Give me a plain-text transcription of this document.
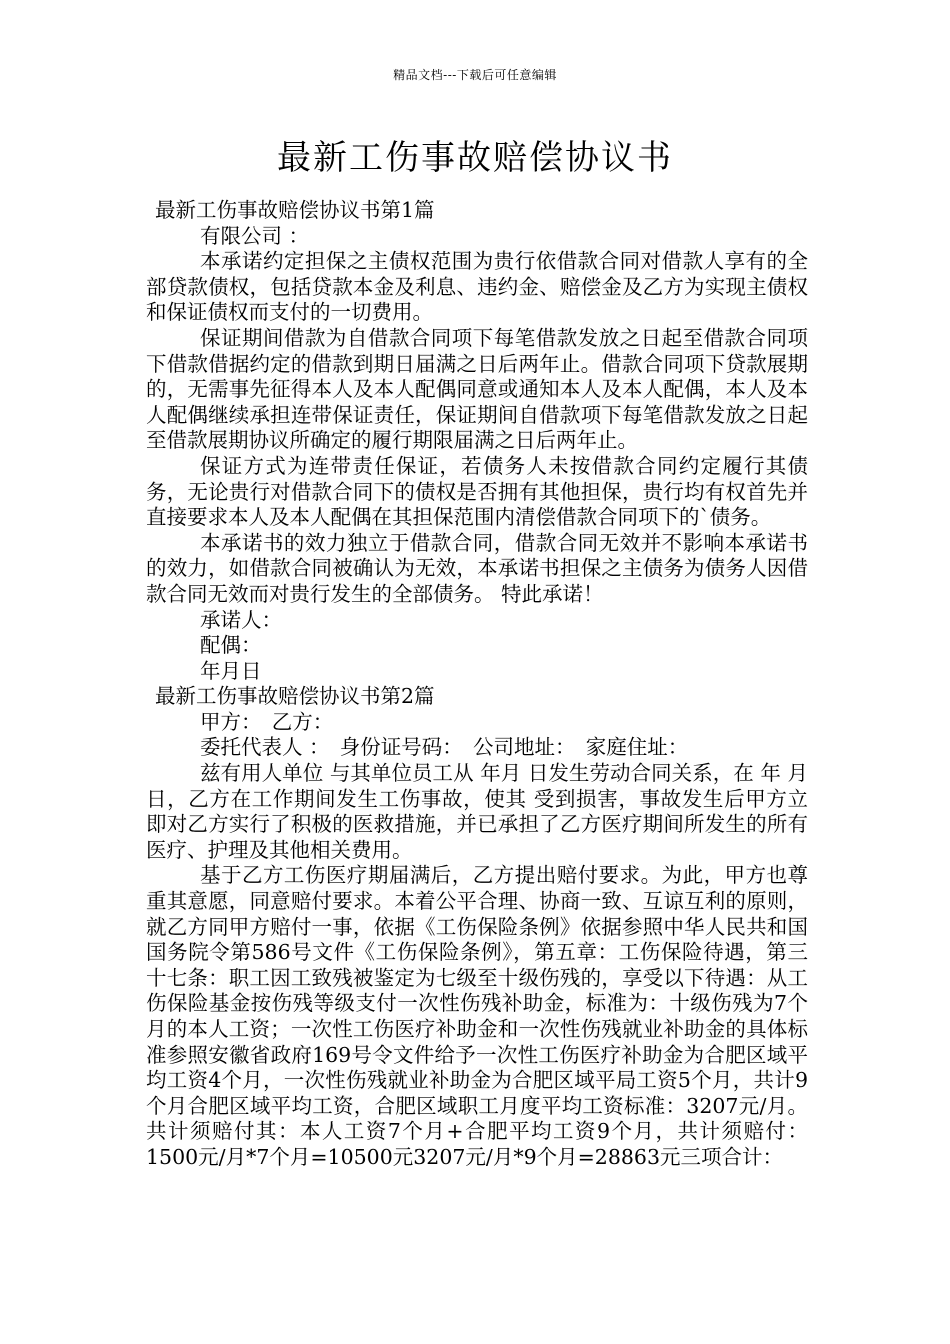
精品文档---下载后可任意编辑
最新工伤事故赔偿协议书

最新工伤事故赔偿协议书第1篇

有限公司 ：

本承诺约定担保之主债权范围为贵行依借款合同对借款人享有的全部贷款债权，包括贷款本金及利息、违约金、赔偿金及乙方为实现主债权和保证债权而支付的一切费用。

保证期间借款为自借款合同项下每笔借款发放之日起至借款合同项下借款借据约定的借款到期日届满之日后两年止。借款合同项下贷款展期的，无需事先征得本人及本人配偶同意或通知本人及本人配偶，本人及本人配偶继续承担连带保证责任，保证期间自借款项下每笔借款发放之日起至借款展期协议所确定的履行期限届满之日后两年止。

保证方式为连带责任保证，若债务人未按借款合同约定履行其债务，无论贵行对借款合同下的债权是否拥有其他担保，贵行均有权首先并直接要求本人及本人配偶在其担保范围内清偿借款合同项下的`债务。

本承诺书的效力独立于借款合同，借款合同无效并不影响本承诺书的效力，如借款合同被确认为无效，本承诺书担保之主债务为债务人因借款合同无效而对贵行发生的全部债务。 特此承诺！

承诺人：

配偶：

年月日

最新工伤事故赔偿协议书第2篇

甲方：　乙方：

委托代表人 ：　身份证号码：　公司地址：　家庭住址：

兹有用人单位 与其单位员工从 年月 日发生劳动合同关系，在 年 月 日，乙方在工作期间发生工伤事故，使其 受到损害，事故发生后甲方立即对乙方实行了积极的医救措施，并已承担了乙方医疗期间所发生的所有医疗、护理及其他相关费用。

基于乙方工伤医疗期届满后，乙方提出赔付要求。为此，甲方也尊重其意愿，同意赔付要求。本着公平合理、协商一致、互谅互利的原则，就乙方同甲方赔付一事，依据《工伤保险条例》依据参照中华人民共和国国务院令第586号文件《工伤保险条例》，第五章：工伤保险待遇，第三十七条：职工因工致残被鉴定为七级至十级伤残的，享受以下待遇：从工伤保险基金按伤残等级支付一次性伤残补助金，标准为：十级伤残为7个月的本人工资；一次性工伤医疗补助金和一次性伤残就业补助金的具体标准参照安徽省政府169号令文件给予一次性工伤医疗补助金为合肥区域平均工资4个月，一次性伤残就业补助金为合肥区域平局工资5个月，共计9个月合肥区域平均工资，合肥区域职工月度平均工资标准：3207元/月。共计须赔付其：本人工资7个月+合肥平均工资9个月，共计须赔付：1500元/月*7个月=10500元3207元/月*9个月=28863元三项合计：
